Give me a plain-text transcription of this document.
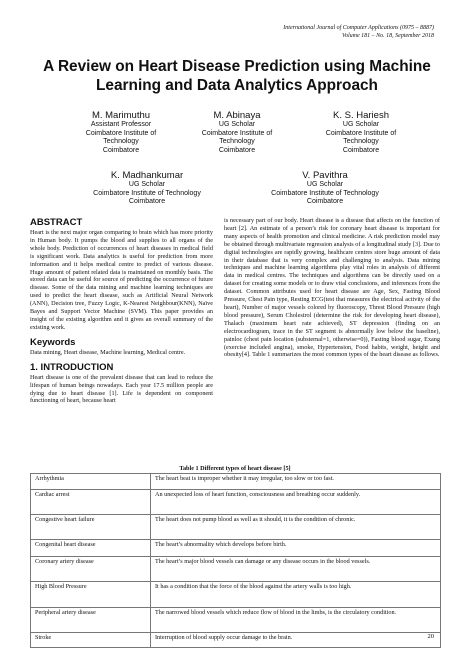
International Journal of Computer Applications (0975 – 8887)
Volume 181 – No. 18, September 2018
A Review on Heart Disease Prediction using Machine
Learning and Data Analytics Approach
M. Marimuthu
Assistant Professor
Coimbatore Institute of
Technology
Coimbatore
M. Abinaya
UG Scholar
Coimbatore Institute of
Technology
Coimbatore
K. S. Hariesh
UG Scholar
Coimbatore Institute of
Technology
Coimbatore
K. Madhankumar
UG Scholar
Coimbatore Institute of Technology
Coimbatore
V. Pavithra
UG Scholar
Coimbatore Institute of Technology
Coimbatore
ABSTRACT

Heart is the next major organ comparing to brain which has more priority in Human body. It pumps the blood and supplies to all organs of the whole body. Prediction of occurrences of heart diseases in medical field is significant work. Data analytics is useful for prediction from more information and it helps medical centre to predict of various disease. Huge amount of patient related data is maintained on monthly basis. The stored data can be useful for source of predicting the occurrence of future disease. Some of the data mining and machine learning techniques are used to predict the heart disease, such as Artificial Neural Network (ANN), Decision tree, Fuzzy Logic, K-Nearest Neighbour(KNN), Naïve Bayes and Support Vector Machine (SVM). This paper provides an insight of the existing algorithm and it gives an overall summary of the existing work.

Keywords

Data mining, Heart disease, Machine learning, Medical centre.

1. INTRODUCTION

Heart disease is one of the prevalent disease that can lead to reduce the lifespan of human beings nowadays. Each year 17.5 million people are dying due to heart disease [1]. Life is dependent on component functioning of heart, because heart

is necessary part of our body. Heart disease is a disease that affects on the function of heart [2]. An estimate of a person’s risk for coronary heart disease is important for many aspects of health promotion and clinical medicine. A risk prediction model may be obtained through multivariate regression analysis of a longitudinal study [3]. Due to digital technologies are rapidly growing, healthcare centres store huge amount of data in their database that is very complex and challenging to analysis. Data mining techniques and machine learning algorithms play vital roles in analysis of different data in medical centres. The techniques and algorithms can be directly used on a dataset for creating some models or to draw vital conclusions, and inferences from the dataset. Common attributes used for heart disease are Age, Sex, Fasting Blood Pressure, Chest Pain type, Resting ECG(test that measures the electrical activity of the heart), Number of major vessels colored by fluoroscopy, Threst Blood Pressure (high blood pressure), Serum Cholestrol (determine the risk for developing heart disease), Thalach (maximum heart rate achieved), ST depression (finding on an electrocardiogram, trace in the ST segment is abnormally low below the baseline), painloc (chest pain location (substernal=1, otherwise=0)), Fasting blood sugar, Exang (exercise included angina), smoke, Hypertension, Food habits, weight, height and obesity[4]. Table 1 summarizes the most common types of the heart disease as follows.

Table 1 Different types of heart disease [5]
Arrhythmia	The heart beat is improper whether it may irregular, too slow or too fast.
Cardiac arrest	An unexpected loss of heart function, consciousness and breathing occur suddenly.
Congestive heart failure	The heart does not pump blood as well as it should, it is the condition of chronic.
Congenital heart disease	The heart’s abnormality which develops before birth.
Coronary artery disease	The heart’s major blood vessels can damage or any disease occurs in the blood vessels.
High Blood Pressure	It has a condition that the force of the blood against the artery walls is too high.
Peripheral artery disease	The narrowed blood vessels which reduce flow of blood in the limbs, is the circulatory condition.
Stroke	Interruption of blood supply occur damage to the brain.	20
